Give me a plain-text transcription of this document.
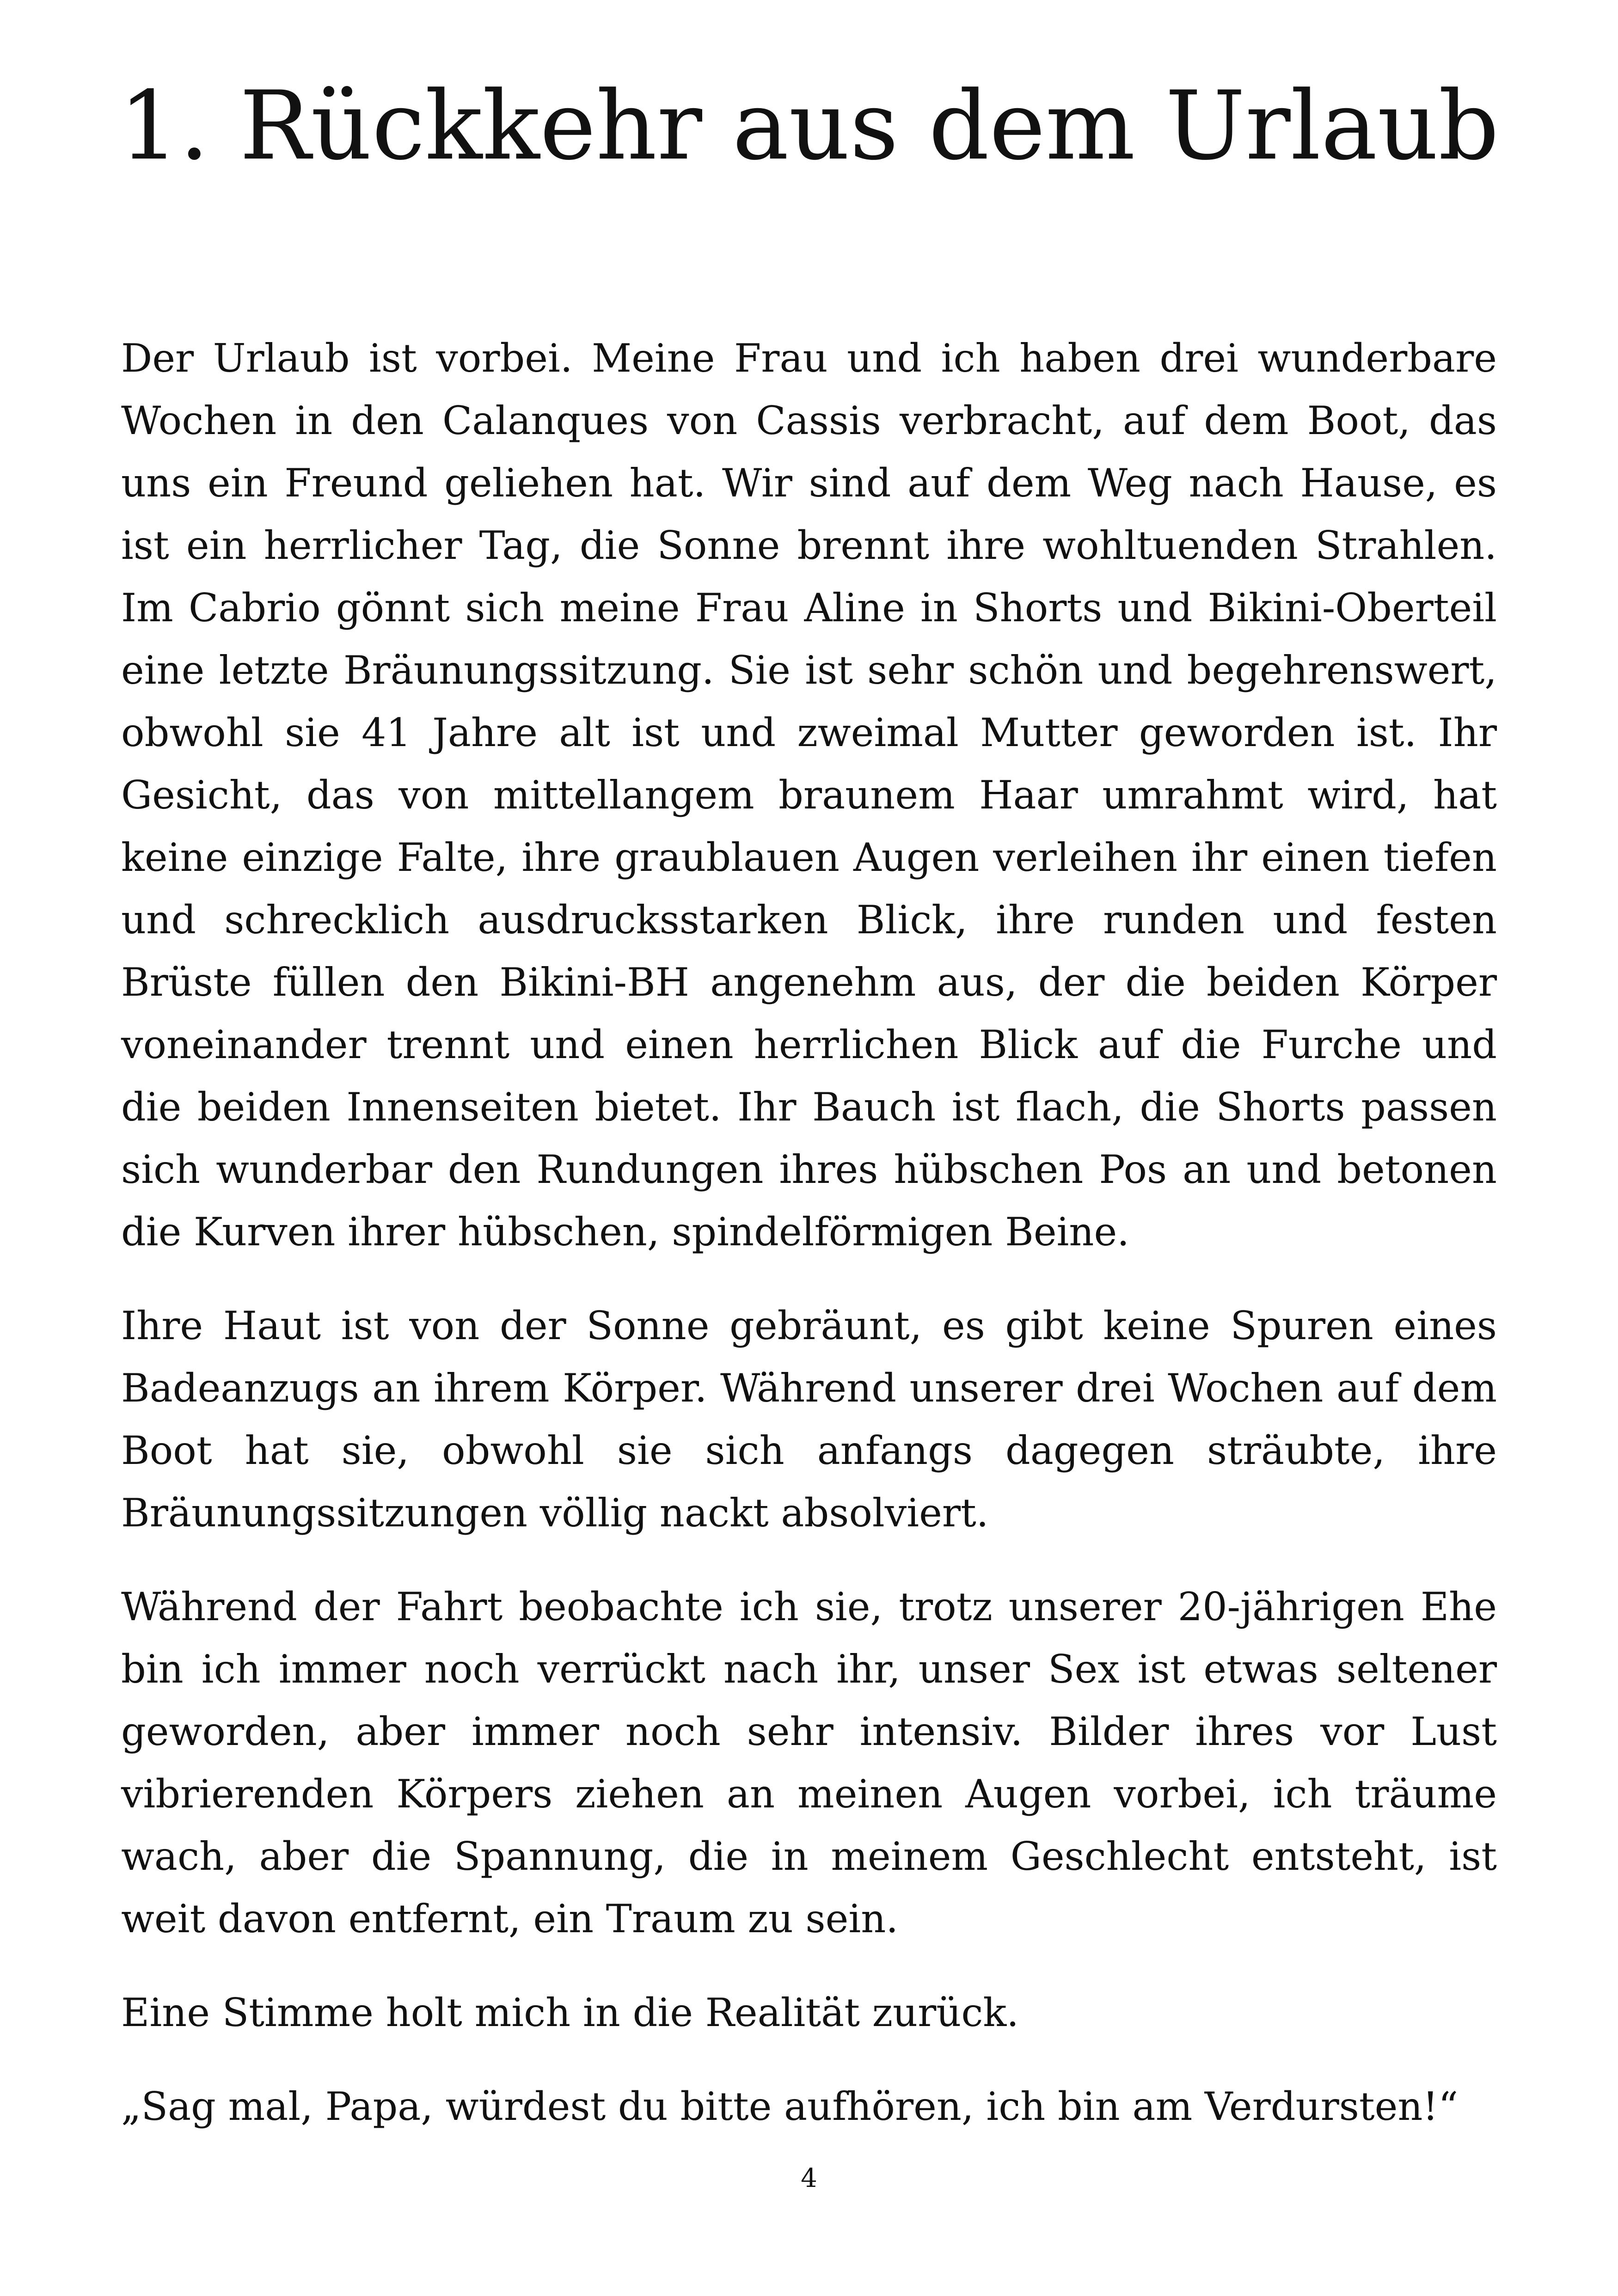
1. Rückkehr aus dem Urlaub

Der Urlaub ist vorbei. Meine Frau und ich haben drei wunderbare Wochen in den Calanques von Cassis verbracht, auf dem Boot, das uns ein Freund geliehen hat. Wir sind auf dem Weg nach Hause, es ist ein herrlicher Tag, die Sonne brennt ihre wohltuenden Strahlen. Im Cabrio gönnt sich meine Frau Aline in Shorts und Bikini-Oberteil eine letzte Bräunungssitzung. Sie ist sehr schön und begehrenswert, obwohl sie 41 Jahre alt ist und zweimal Mutter geworden ist. Ihr Gesicht, das von mittellangem braunem Haar umrahmt wird, hat keine einzige Falte, ihre graublauen Augen verleihen ihr einen tiefen und schrecklich ausdrucksstarken Blick, ihre runden und festen Brüste füllen den Bikini-BH angenehm aus, der die beiden Körper voneinander trennt und einen herrlichen Blick auf die Furche und die beiden Innenseiten bietet. Ihr Bauch ist flach, die Shorts passen sich wunderbar den Rundungen ihres hübschen Pos an und betonen die Kurven ihrer hübschen, spindelförmigen Beine.

Ihre Haut ist von der Sonne gebräunt, es gibt keine Spuren eines Badeanzugs an ihrem Körper. Während unserer drei Wochen auf dem Boot hat sie, obwohl sie sich anfangs dagegen sträubte, ihre Bräunungssitzungen völlig nackt absolviert.

Während der Fahrt beobachte ich sie, trotz unserer 20-jährigen Ehe bin ich immer noch verrückt nach ihr, unser Sex ist etwas seltener geworden, aber immer noch sehr intensiv. Bilder ihres vor Lust vibrierenden Körpers ziehen an meinen Augen vorbei, ich träume wach, aber die Spannung, die in meinem Geschlecht entsteht, ist weit davon entfernt, ein Traum zu sein.

Eine Stimme holt mich in die Realität zurück.

„Sag mal, Papa, würdest du bitte aufhören, ich bin am Verdursten!“

4
